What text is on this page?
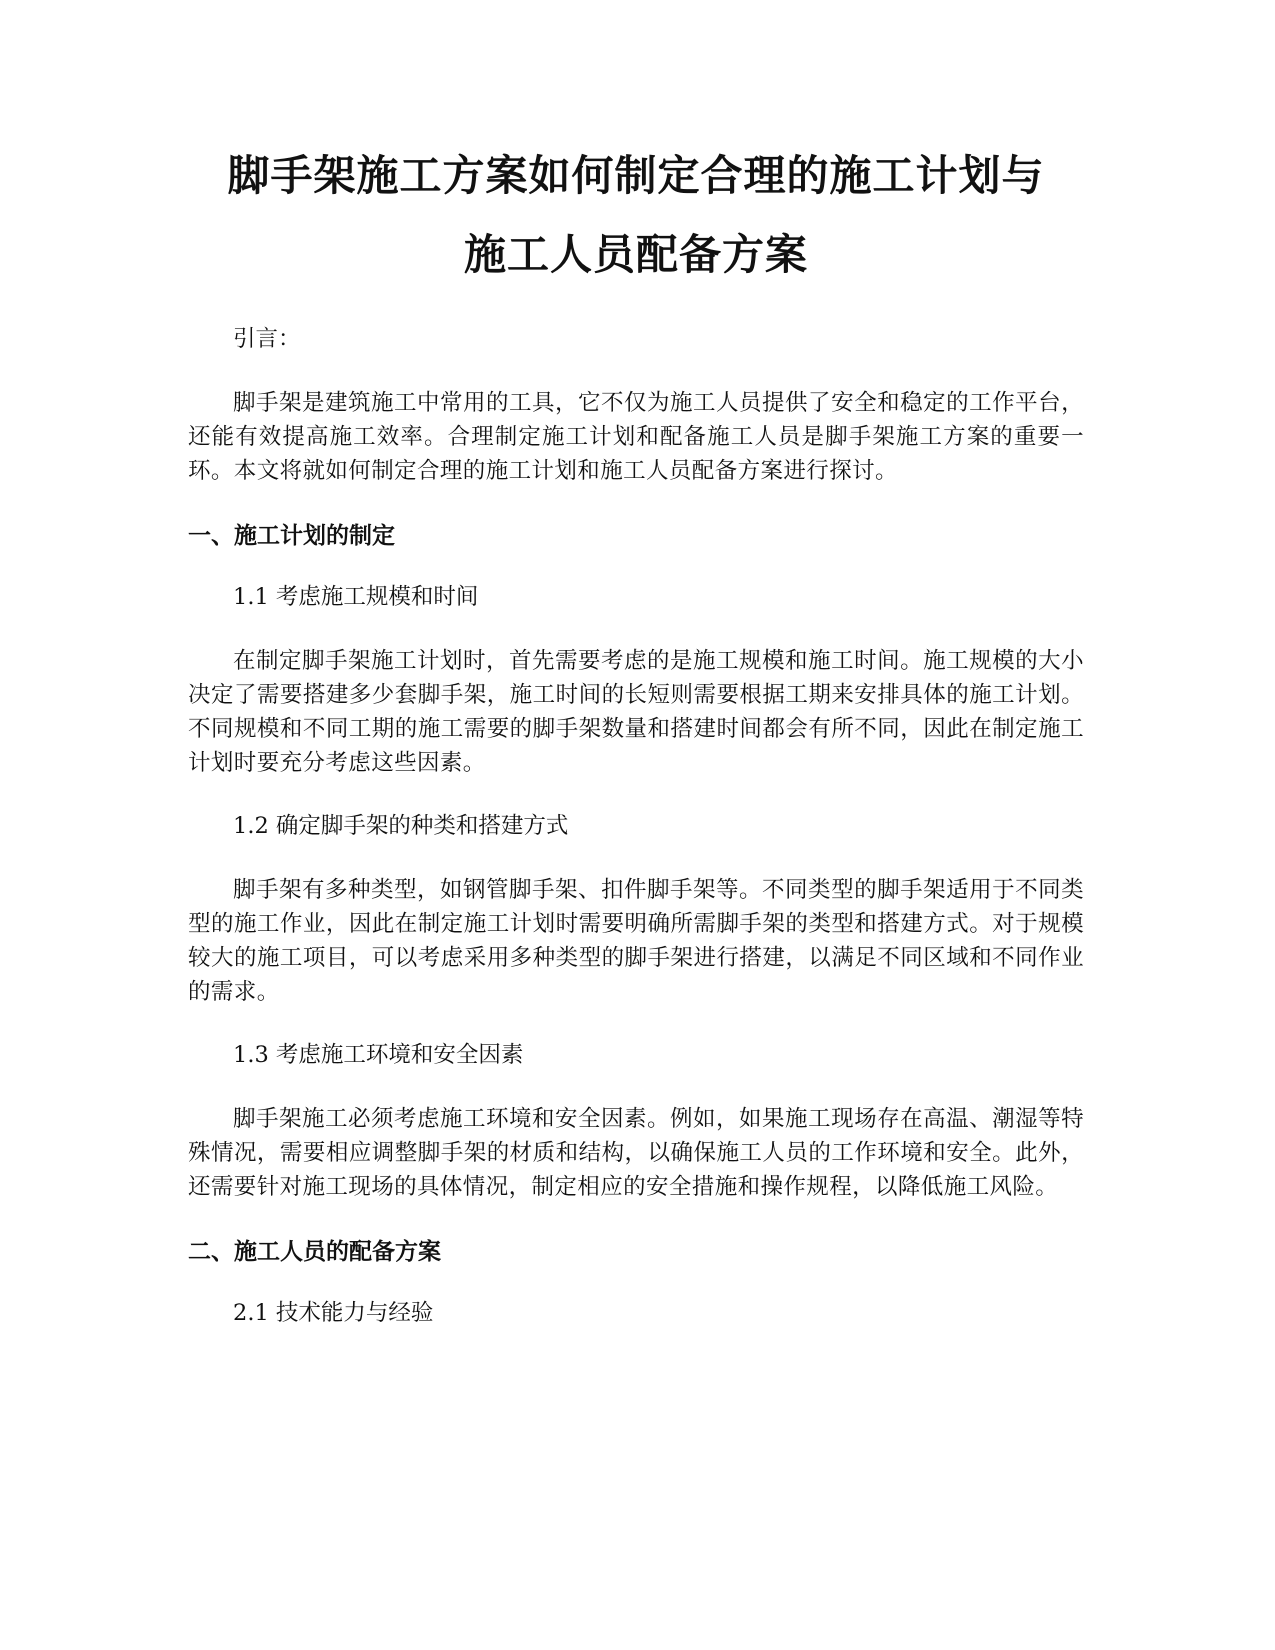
脚手架施工方案如何制定合理的施工计划与
施工人员配备方案

引言：

脚手架是建筑施工中常用的工具，它不仅为施工人员提供了安全和稳定的工作平台，还能有效提高施工效率。合理制定施工计划和配备施工人员是脚手架施工方案的重要一环。本文将就如何制定合理的施工计划和施工人员配备方案进行探讨。

一、施工计划的制定

1.1 考虑施工规模和时间

在制定脚手架施工计划时，首先需要考虑的是施工规模和施工时间。施工规模的大小决定了需要搭建多少套脚手架，施工时间的长短则需要根据工期来安排具体的施工计划。不同规模和不同工期的施工需要的脚手架数量和搭建时间都会有所不同，因此在制定施工计划时要充分考虑这些因素。

1.2 确定脚手架的种类和搭建方式

脚手架有多种类型，如钢管脚手架、扣件脚手架等。不同类型的脚手架适用于不同类型的施工作业，因此在制定施工计划时需要明确所需脚手架的类型和搭建方式。对于规模较大的施工项目，可以考虑采用多种类型的脚手架进行搭建，以满足不同区域和不同作业的需求。

1.3 考虑施工环境和安全因素

脚手架施工必须考虑施工环境和安全因素。例如，如果施工现场存在高温、潮湿等特殊情况，需要相应调整脚手架的材质和结构，以确保施工人员的工作环境和安全。此外，还需要针对施工现场的具体情况，制定相应的安全措施和操作规程，以降低施工风险。

二、施工人员的配备方案

2.1 技术能力与经验
